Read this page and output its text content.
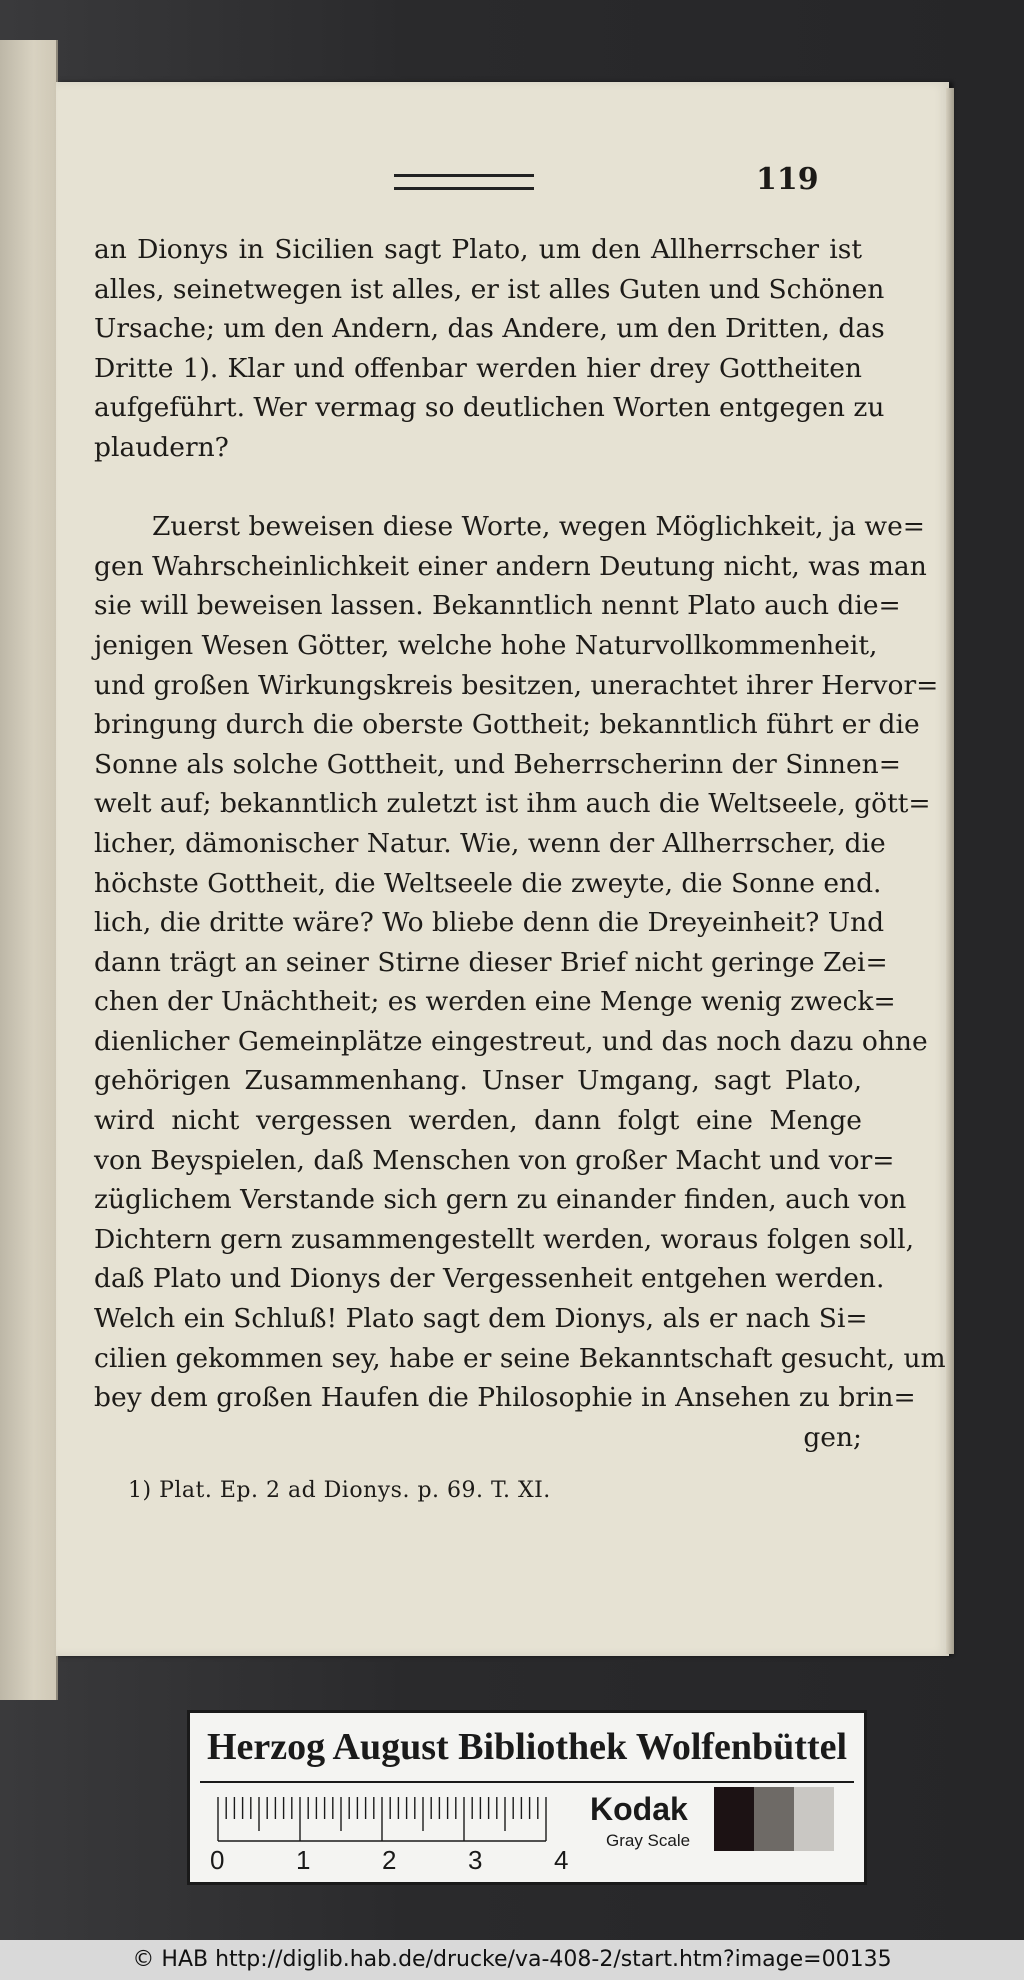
119
an Dionys in Sicilien sagt Plato, um den Allherrscher ist
alles, seinetwegen ist alles, er ist alles Guten und Schönen
Ursache; um den Andern, das Andere, um den Dritten, das
Dritte 1). Klar und offenbar werden hier drey Gottheiten
aufgeführt. Wer vermag so deutlichen Worten entgegen zu
plaudern?
Zuerst beweisen diese Worte, wegen Möglichkeit, ja we=
gen Wahrscheinlichkeit einer andern Deutung nicht, was man
sie will beweisen lassen. Bekanntlich nennt Plato auch die=
jenigen Wesen Götter, welche hohe Naturvollkommenheit,
und großen Wirkungskreis besitzen, unerachtet ihrer Hervor=
bringung durch die oberste Gottheit; bekanntlich führt er die
Sonne als solche Gottheit, und Beherrscherinn der Sinnen=
welt auf; bekanntlich zuletzt ist ihm auch die Weltseele, gött=
licher, dämonischer Natur. Wie, wenn der Allherrscher, die
höchste Gottheit, die Weltseele die zweyte, die Sonne end.
lich, die dritte wäre? Wo bliebe denn die Dreyeinheit? Und
dann trägt an seiner Stirne dieser Brief nicht geringe Zei=
chen der Unächtheit; es werden eine Menge wenig zweck=
dienlicher Gemeinplätze eingestreut, und das noch dazu ohne
gehörigen Zusammenhang. Unser Umgang, sagt Plato,
wird nicht vergessen werden, dann folgt eine Menge
von Beyspielen, daß Menschen von großer Macht und vor=
züglichem Verstande sich gern zu einander finden, auch von
Dichtern gern zusammengestellt werden, woraus folgen soll,
daß Plato und Dionys der Vergessenheit entgehen werden.
Welch ein Schluß! Plato sagt dem Dionys, als er nach Si=
cilien gekommen sey, habe er seine Bekanntschaft gesucht, um
bey dem großen Haufen die Philosophie in Ansehen zu brin=
gen;
1) Plat. Ep. 2 ad Dionys. p. 69. T. XI.
Herzog August Bibliothek Wolfenbüttel
0	1	2	3	4
Kodak
Gray Scale
© HAB http://diglib.hab.de/drucke/va-408-2/start.htm?image=00135
